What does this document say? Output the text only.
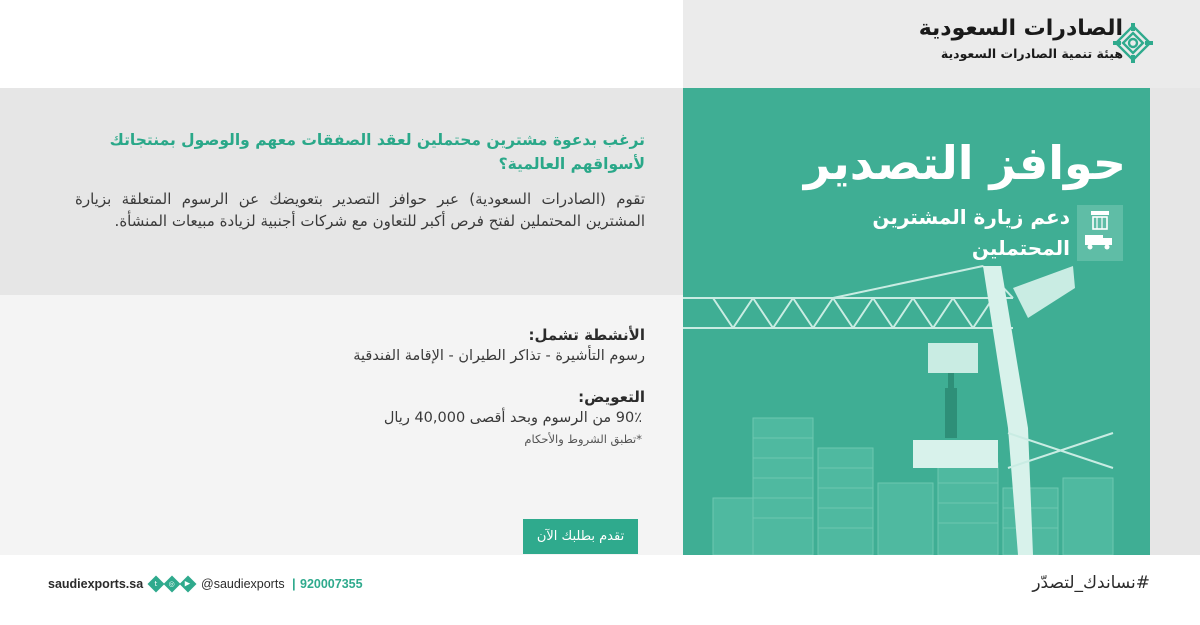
الصادرات السعودية
هيئة تنمية الصادرات السعودية
حوافز التصدير
دعم زيارة المشترين المحتملين
ترغب بدعوة مشترين محتملين لعقد الصفقات معهم والوصول بمنتجاتك لأسواقهم العالمية؟
تقوم (الصادرات السعودية) عبر حوافز التصدير بتعويضك عن الرسوم المتعلقة بزيارة المشترين المحتملين لفتح فرص أكبر للتعاون مع شركات أجنبية لزيادة مبيعات المنشأة.
الأنشطة تشمل:
رسوم التأشيرة - تذاكر الطيران - الإقامة الفندقية
التعويض:
90٪ من الرسوم وبحد أقصى 40,000 ريال
*تطبق الشروط والأحكام
تقدم بطلبك الآن
saudiexports.sa t ◎ ▶ @saudiexports | 920007355	#نساندك_لتصدّر
